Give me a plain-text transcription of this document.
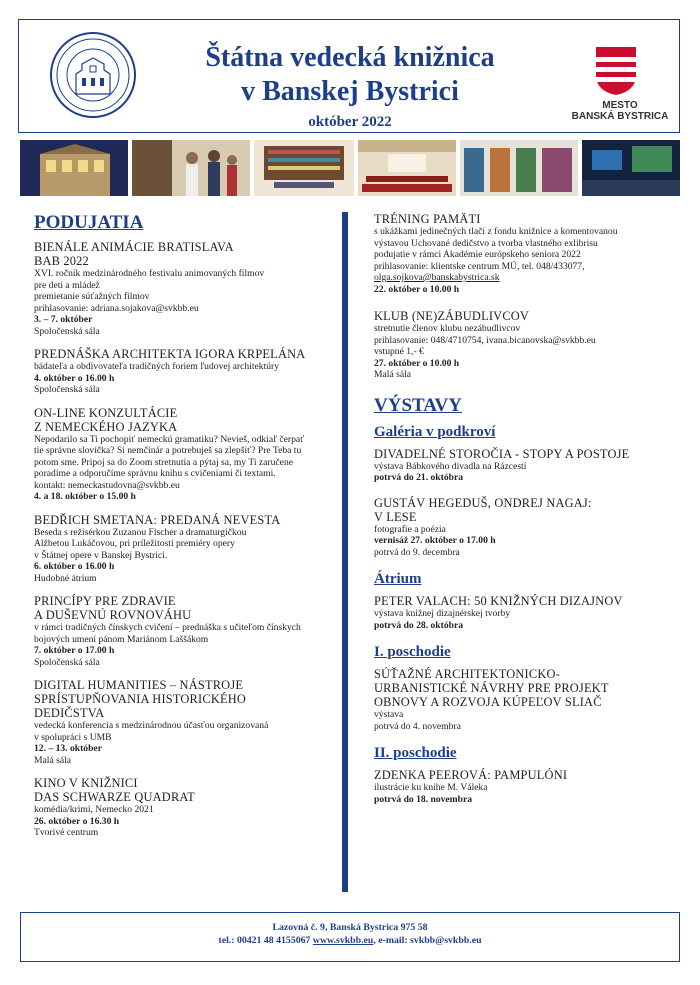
Štátna vedecká knižnica
v Banskej Bystrici
október 2022
MESTO
BANSKÁ BYSTRICA
PODUJATIA
BIENÁLE ANIMÁCIE BRATISLAVA
BAB 2022
XVI. ročník medzinárodného festivalu animovaných filmov
pre deti a mládež
premietanie súťažných filmov
prihlasovanie: adriana.sojakova@svkbb.eu
3. – 7. október
Spoločenská sála
PREDNÁŠKA ARCHITEKTA IGORA KRPELÁNA
bádateľa a obdivovateľa tradičných foriem ľudovej architektúry
4. október o 16.00 h
Spoločenská sála
ON-LINE KONZULTÁCIE
Z NEMECKÉHO JAZYKA
Nepodarilo sa Ti pochopiť nemeckú gramatiku? Nevieš, odkiaľ čerpať
tie správne slovíčka? Si nemčinár a potrebuješ sa zlepšiť? Pre Teba tu
potom sme. Pripoj sa do Zoom stretnutia a pýtaj sa, my Ti zaručene
poradíme a odporučíme správnu knihu s cvičeniami či textami.
kontakt: nemeckastudovna@svkbb.eu
4. a 18. október o 15.00 h
BEDŘICH SMETANA: PREDANÁ NEVESTA
Beseda s režisérkou Zuzanou Fischer a dramaturgičkou
Alžbetou Lukáčovou, pri príležitosti premiéry opery
v Štátnej opere v Banskej Bystrici.
6. október o 16.00 h
Hudobné átrium
PRINCÍPY PRE ZDRAVIE
A DUŠEVNÚ ROVNOVÁHU
v rámci tradičných čínskych cvičení – prednáška s učiteľom čínskych
bojových umení pánom Mariánom Laššákom
7. október o 17.00 h
Spoločenská sála
DIGITAL HUMANITIES – NÁSTROJE
SPRÍSTUPŇOVANIA HISTORICKÉHO
DEDIČSTVA
vedecká konferencia s medzinárodnou účasťou organizovaná
v spolupráci s UMB
12. – 13. október
Malá sála
KINO V KNIŽNICI
DAS SCHWARZE QUADRAT
komédia/krimi, Nemecko 2021
26. október o 16.30 h
Tvorivé centrum
TRÉNING PAMÄTI
s ukážkami jedinečných tlačí z fondu knižnice a komentovanou
výstavou Uchované dedičstvo a tvorba vlastného exlibrisu
podujatie v rámci Akadémie európskeho seniora 2022
prihlasovanie: klientske centrum MÚ, tel. 048/433077,
olga.sojkova@banskabystrica.sk
22. október o 10.00 h
KLUB (NE)ZÁBUDLIVCOV
stretnutie členov klubu nezábudlivcov
prihlasovanie: 048/4710754, ivana.bicanovska@svkbb.eu
vstupné 1,- €
27. október o 10.00 h
Malá sála
VÝSTAVY
Galéria v podkroví
DIVADELNÉ STOROČIA - STOPY A POSTOJE
výstava Bábkového divadla na Rázcestí
potrvá do 21. októbra
GUSTÁV HEGEDUŠ, ONDREJ NAGAJ:
V LESE
fotografie a poézia
vernisáž 27. október o 17.00 h
potrvá do 9. decembra
Átrium
PETER VALACH: 50 KNIŽNÝCH DIZAJNOV
výstava knižnej dizajnérskej tvorby
potrvá do 28. októbra
I. poschodie
SÚŤAŽNÉ ARCHITEKTONICKO-
URBANISTICKÉ NÁVRHY PRE PROJEKT
OBNOVY A ROZVOJA KÚPEĽOV SLIAČ
výstava
potrvá do 4. novembra
II. poschodie
ZDENKA PEEROVÁ: PAMPULÓNI
ilustrácie ku knihe M. Váleka
potrvá do 18. novembra
Lazovná č. 9, Banská Bystrica 975 58
tel.: 00421 48 4155067 www.svkbb.eu, e-mail: svkbb@svkbb.eu
